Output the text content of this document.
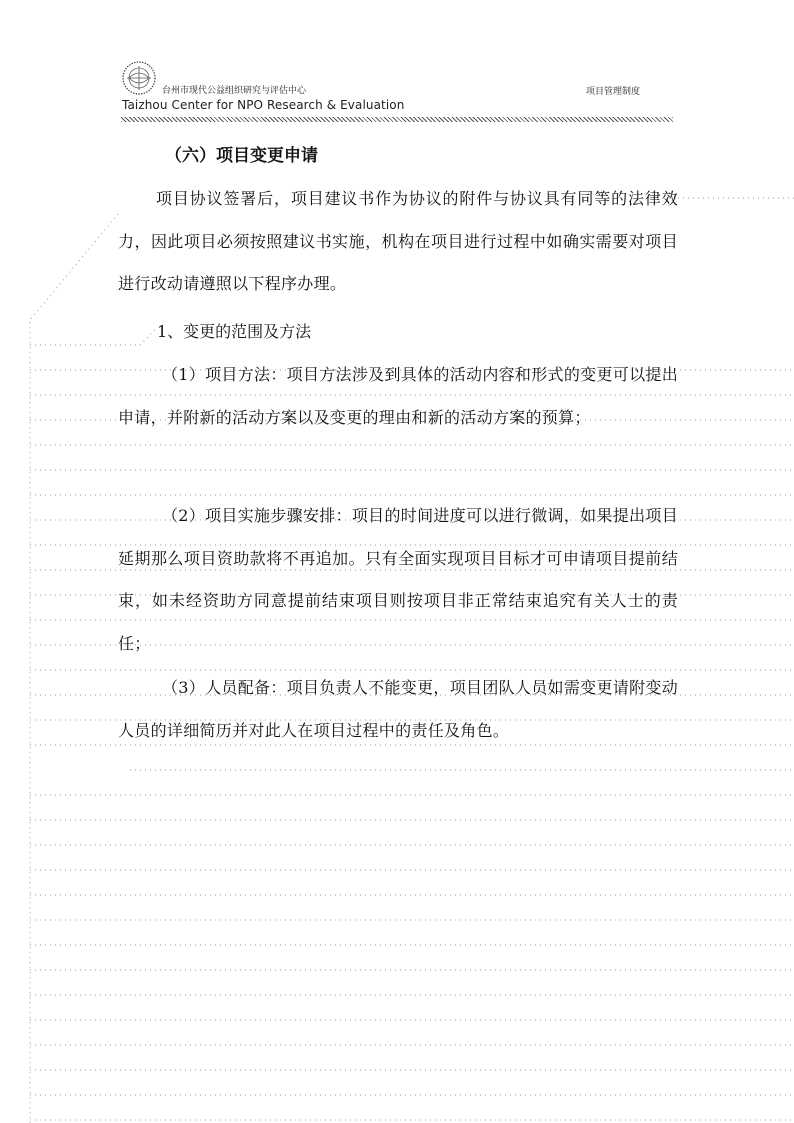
台州市现代公益组织研究与评估中心
Taizhou Center for NPO Research & Evaluation
项目管理制度
（六）项目变更申请
项目协议签署后，项目建议书作为协议的附件与协议具有同等的法律效力，因此项目必须按照建议书实施，机构在项目进行过程中如确实需要对项目进行改动请遵照以下程序办理。
1、变更的范围及方法
（1）项目方法：项目方法涉及到具体的活动内容和形式的变更可以提出申请，并附新的活动方案以及变更的理由和新的活动方案的预算；
（2）项目实施步骤安排：项目的时间进度可以进行微调，如果提出项目延期那么项目资助款将不再追加。只有全面实现项目目标才可申请项目提前结束，如未经资助方同意提前结束项目则按项目非正常结束追究有关人士的责任；
（3）人员配备：项目负责人不能变更，项目团队人员如需变更请附变动人员的详细简历并对此人在项目过程中的责任及角色。
